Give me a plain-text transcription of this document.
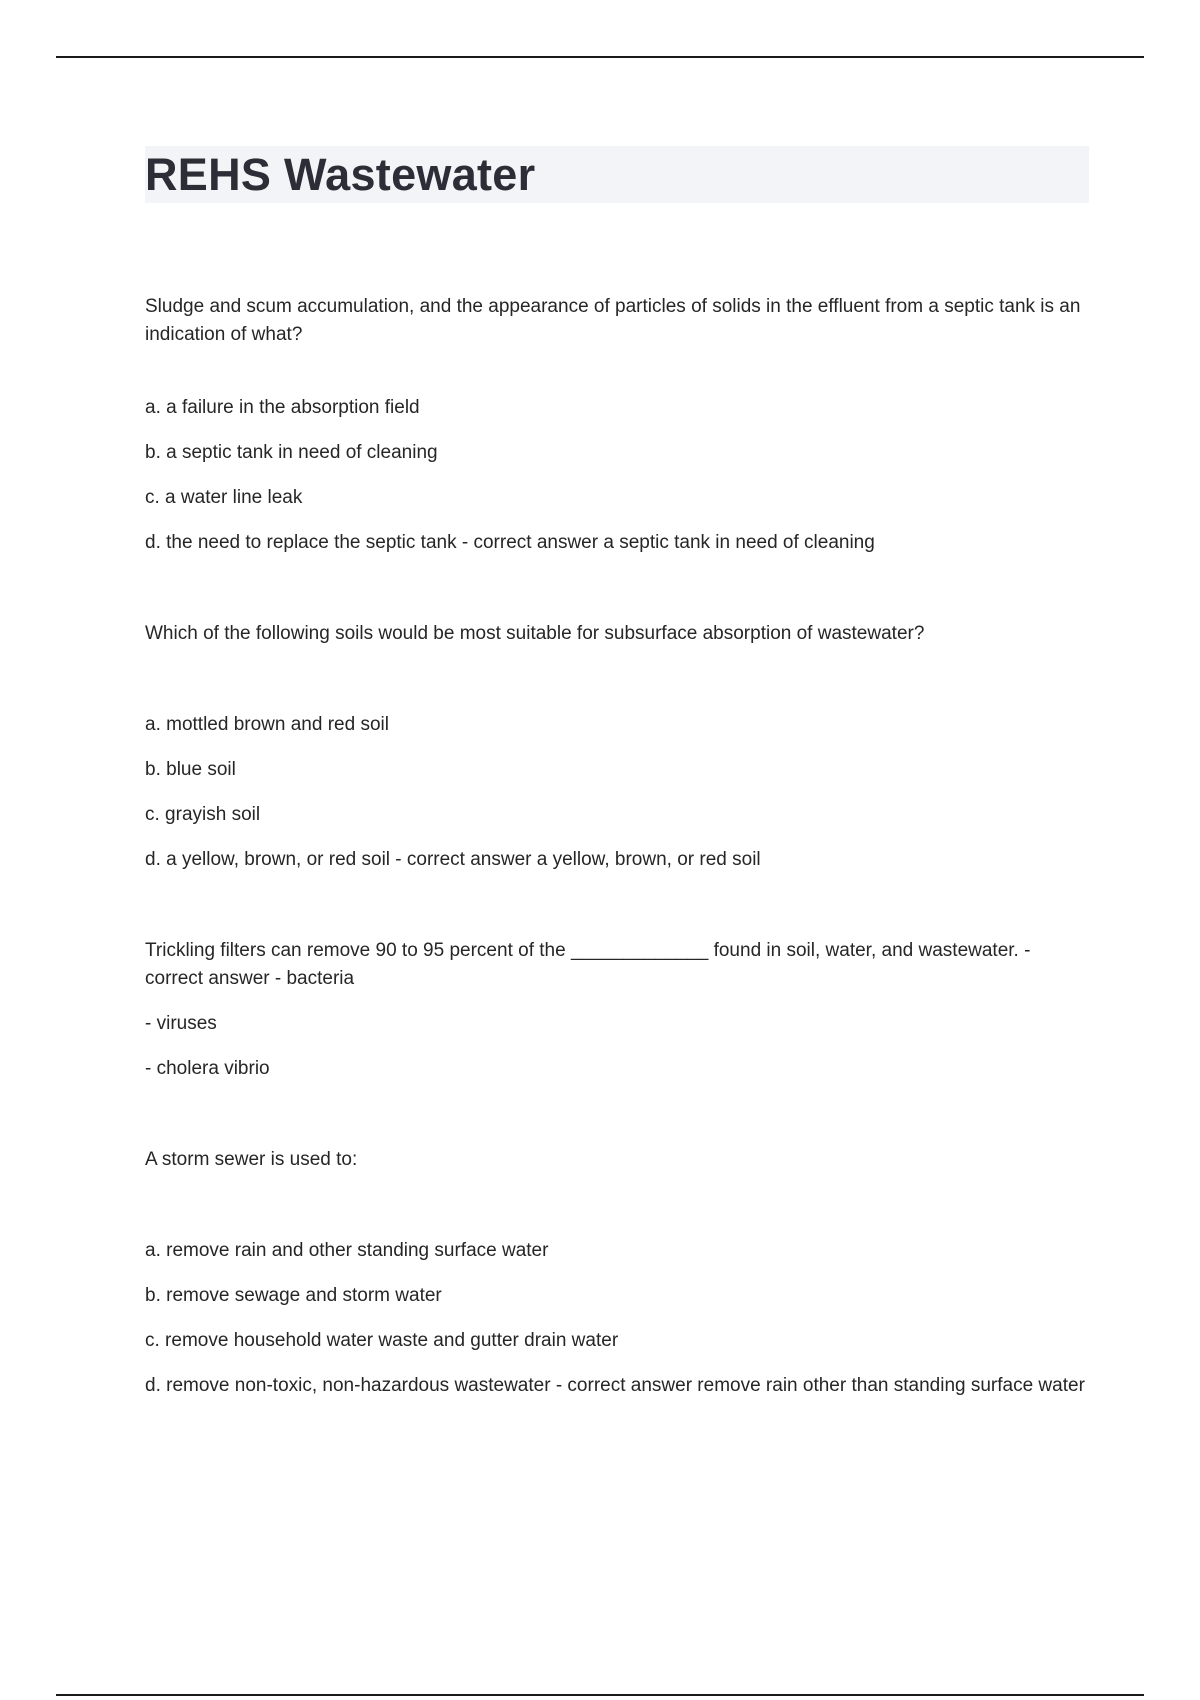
REHS Wastewater

Sludge and scum accumulation, and the appearance of particles of solids in the effluent from a septic tank is an indication of what?

a. a failure in the absorption field

b. a septic tank in need of cleaning

c. a water line leak

d. the need to replace the septic tank - correct answer a septic tank in need of cleaning

Which of the following soils would be most suitable for subsurface absorption of wastewater?

a. mottled brown and red soil

b. blue soil

c. grayish soil

d. a yellow, brown, or red soil - correct answer a yellow, brown, or red soil

Trickling filters can remove 90 to 95 percent of the _____________ found in soil, water, and wastewater. - correct answer - bacteria

- viruses

- cholera vibrio

A storm sewer is used to:

a. remove rain and other standing surface water

b. remove sewage and storm water

c. remove household water waste and gutter drain water

d. remove non-toxic, non-hazardous wastewater - correct answer remove rain other than standing surface water
